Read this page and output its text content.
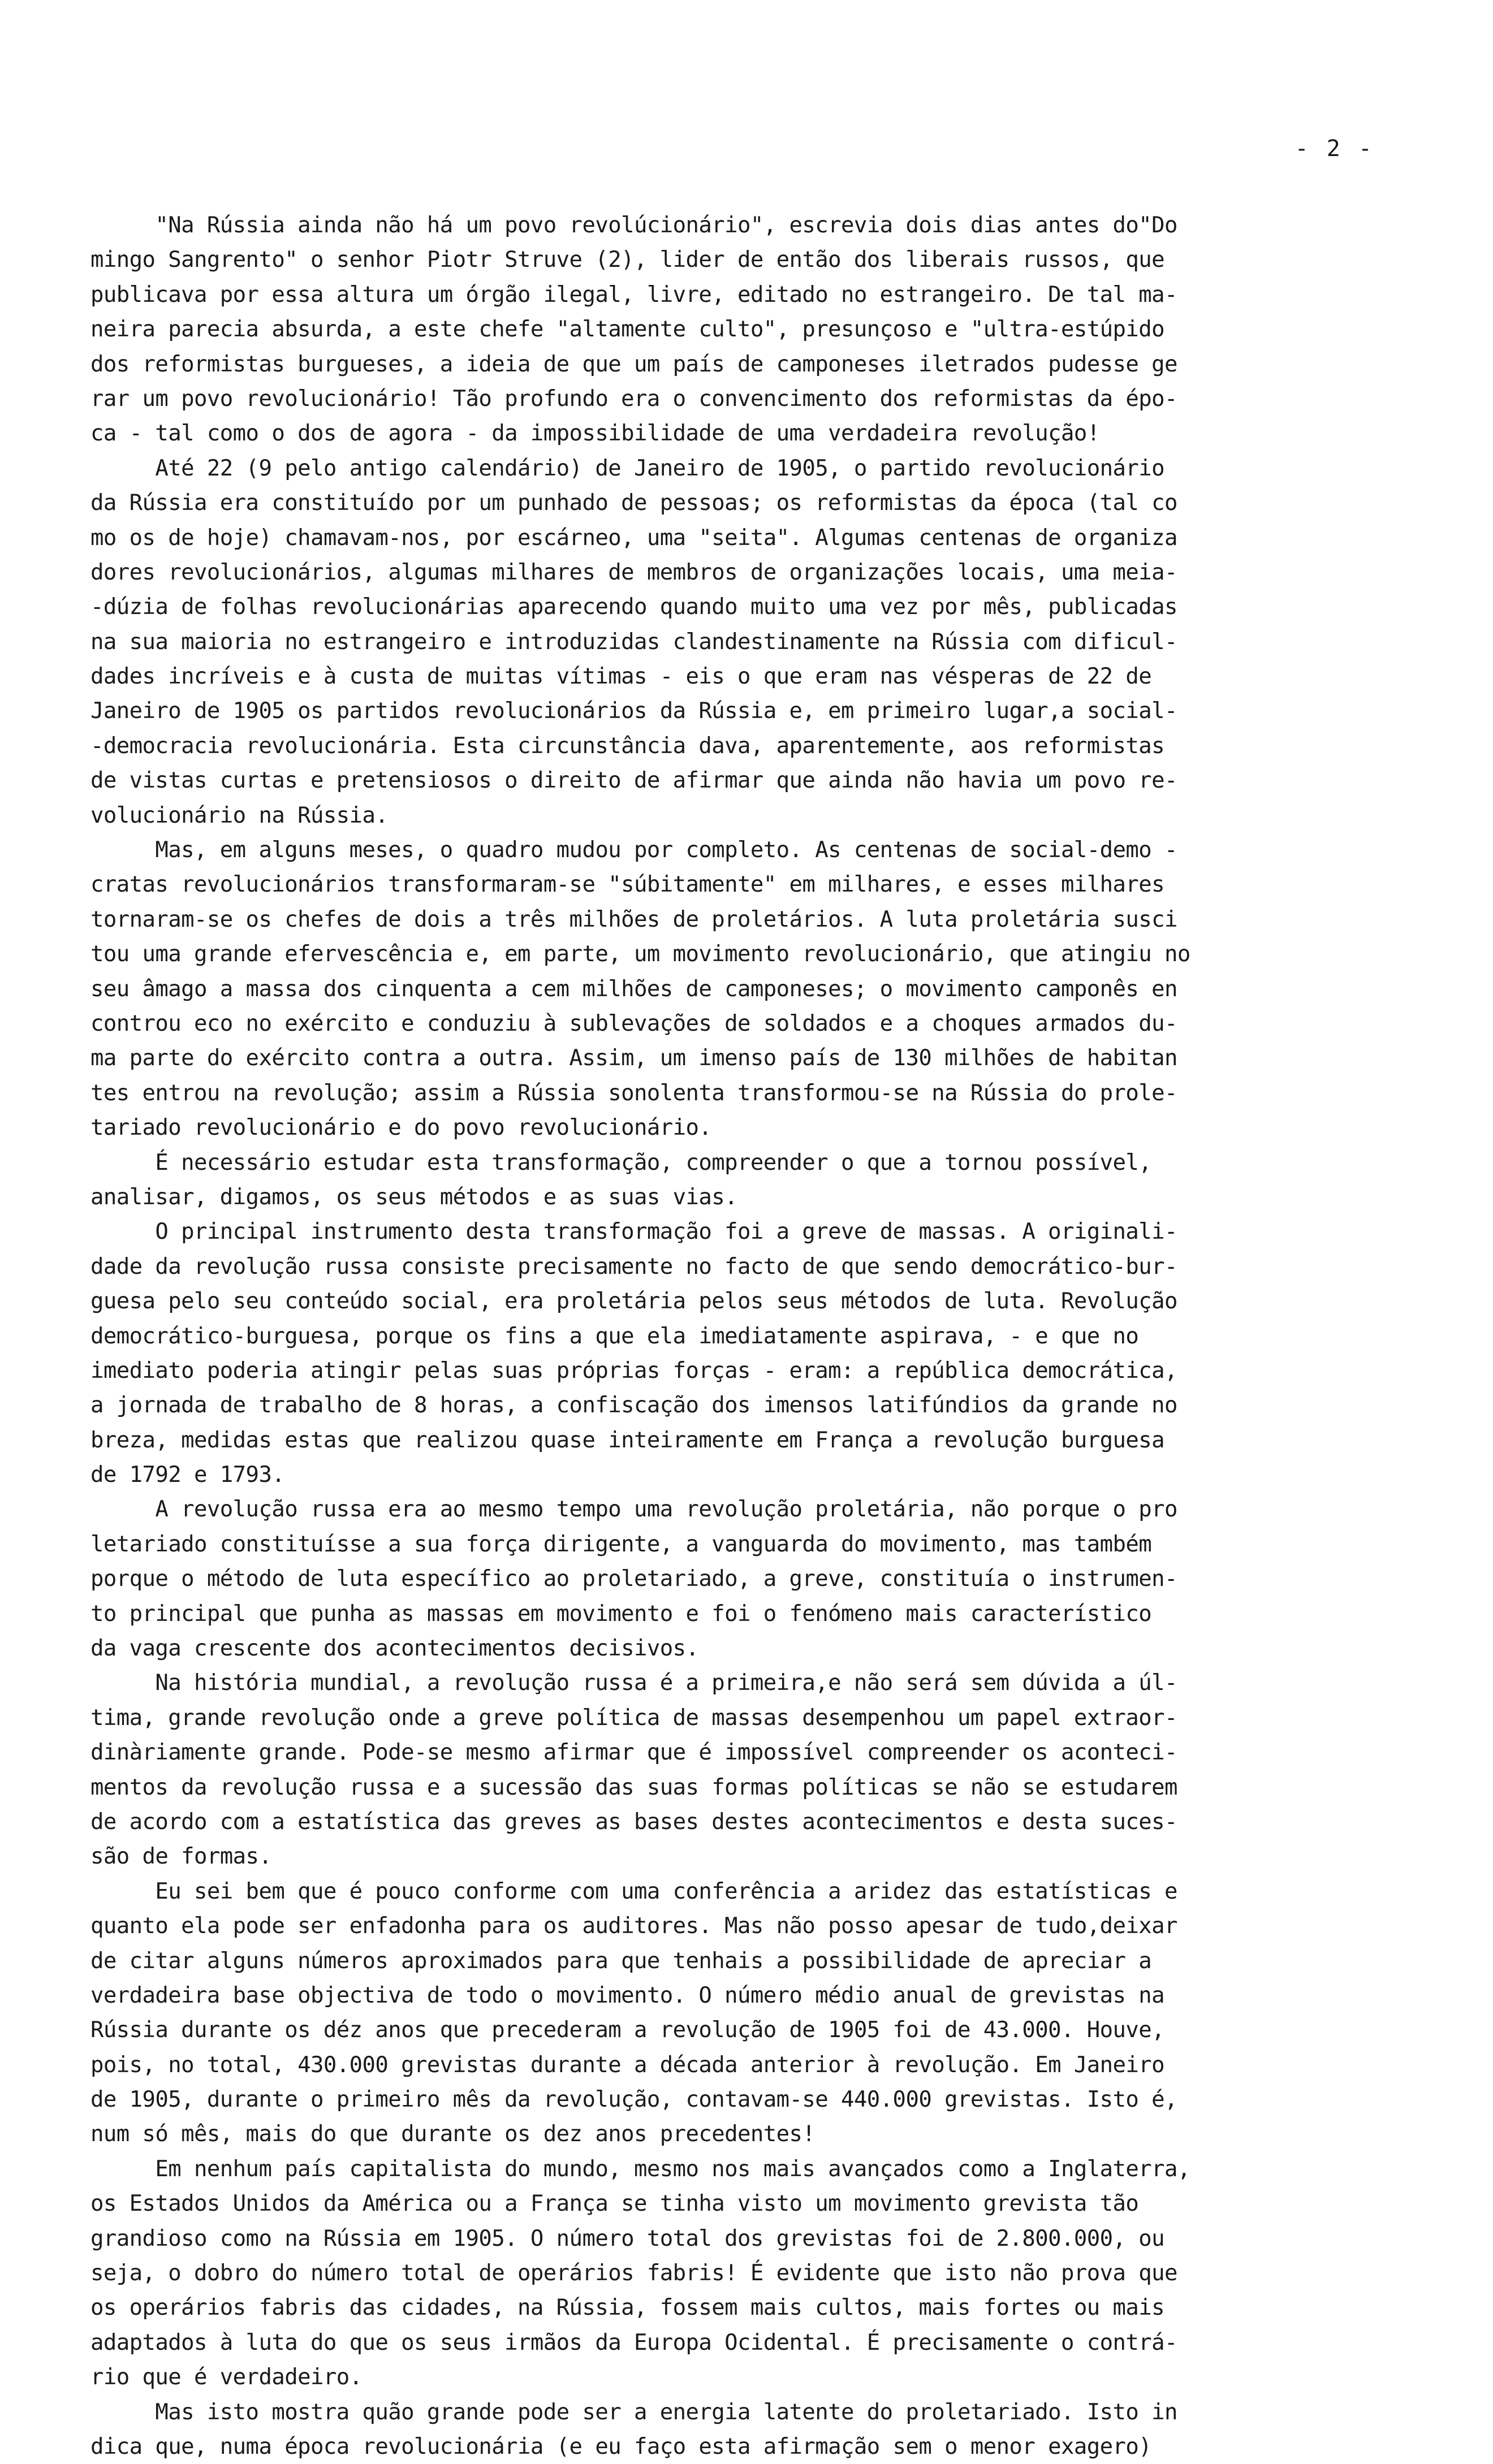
- 2 -
"Na Rússia ainda não há um povo revolúcionário", escrevia dois dias antes do"Do
mingo Sangrento" o senhor Piotr Struve (2), lider de então dos liberais russos, que
publicava por essa altura um órgão ilegal, livre, editado no estrangeiro. De tal ma-
neira parecia absurda, a este chefe "altamente culto", presunçoso e "ultra-estúpido
dos reformistas burgueses, a ideia de que um país de camponeses iletrados pudesse ge
rar um povo revolucionário! Tão profundo era o convencimento dos reformistas da épo-
ca - tal como o dos de agora - da impossibilidade de uma verdadeira revolução!
Até 22 (9 pelo antigo calendário) de Janeiro de 1905, o partido revolucionário
da Rússia era constituído por um punhado de pessoas; os reformistas da época (tal co
mo os de hoje) chamavam-nos, por escárneo, uma "seita". Algumas centenas de organiza
dores revolucionários, algumas milhares de membros de organizações locais, uma meia-
-dúzia de folhas revolucionárias aparecendo quando muito uma vez por mês, publicadas
na sua maioria no estrangeiro e introduzidas clandestinamente na Rússia com dificul-
dades incríveis e à custa de muitas vítimas - eis o que eram nas vésperas de 22 de
Janeiro de 1905 os partidos revolucionários da Rússia e, em primeiro lugar,a social-
-democracia revolucionária. Esta circunstância dava, aparentemente, aos reformistas
de vistas curtas e pretensiosos o direito de afirmar que ainda não havia um povo re-
volucionário na Rússia.
Mas, em alguns meses, o quadro mudou por completo. As centenas de social-demo -
cratas revolucionários transformaram-se "súbitamente" em milhares, e esses milhares
tornaram-se os chefes de dois a três milhões de proletários. A luta proletária susci
tou uma grande efervescência e, em parte, um movimento revolucionário, que atingiu no
seu âmago a massa dos cinquenta a cem milhões de camponeses; o movimento camponês en
controu eco no exército e conduziu à sublevações de soldados e a choques armados du-
ma parte do exército contra a outra. Assim, um imenso país de 130 milhões de habitan
tes entrou na revolução; assim a Rússia sonolenta transformou-se na Rússia do prole-
tariado revolucionário e do povo revolucionário.
É necessário estudar esta transformação, compreender o que a tornou possível,
analisar, digamos, os seus métodos e as suas vias.
O principal instrumento desta transformação foi a greve de massas. A originali-
dade da revolução russa consiste precisamente no facto de que sendo democrático-bur-
guesa pelo seu conteúdo social, era proletária pelos seus métodos de luta. Revolução
democrático-burguesa, porque os fins a que ela imediatamente aspirava, - e que no
imediato poderia atingir pelas suas próprias forças - eram: a república democrática,
a jornada de trabalho de 8 horas, a confiscação dos imensos latifúndios da grande no
breza, medidas estas que realizou quase inteiramente em França a revolução burguesa
de 1792 e 1793.
A revolução russa era ao mesmo tempo uma revolução proletária, não porque o pro
letariado constituísse a sua força dirigente, a vanguarda do movimento, mas também
porque o método de luta específico ao proletariado, a greve, constituía o instrumen-
to principal que punha as massas em movimento e foi o fenómeno mais característico
da vaga crescente dos acontecimentos decisivos.
Na história mundial, a revolução russa é a primeira,e não será sem dúvida a úl-
tima, grande revolução onde a greve política de massas desempenhou um papel extraor-
dinàriamente grande. Pode-se mesmo afirmar que é impossível compreender os aconteci-
mentos da revolução russa e a sucessão das suas formas políticas se não se estudarem
de acordo com a estatística das greves as bases destes acontecimentos e desta suces-
são de formas.
Eu sei bem que é pouco conforme com uma conferência a aridez das estatísticas e
quanto ela pode ser enfadonha para os auditores. Mas não posso apesar de tudo,deixar
de citar alguns números aproximados para que tenhais a possibilidade de apreciar a
verdadeira base objectiva de todo o movimento. O número médio anual de grevistas na
Rússia durante os déz anos que precederam a revolução de 1905 foi de 43.000. Houve,
pois, no total, 430.000 grevistas durante a década anterior à revolução. Em Janeiro
de 1905, durante o primeiro mês da revolução, contavam-se 440.000 grevistas. Isto é,
num só mês, mais do que durante os dez anos precedentes!
Em nenhum país capitalista do mundo, mesmo nos mais avançados como a Inglaterra,
os Estados Unidos da América ou a França se tinha visto um movimento grevista tão
grandioso como na Rússia em 1905. O número total dos grevistas foi de 2.800.000, ou
seja, o dobro do número total de operários fabris! É evidente que isto não prova que
os operários fabris das cidades, na Rússia, fossem mais cultos, mais fortes ou mais
adaptados à luta do que os seus irmãos da Europa Ocidental. É precisamente o contrá-
rio que é verdadeiro.
Mas isto mostra quão grande pode ser a energia latente do proletariado. Isto in
dica que, numa época revolucionária (e eu faço esta afirmação sem o menor exagero)
